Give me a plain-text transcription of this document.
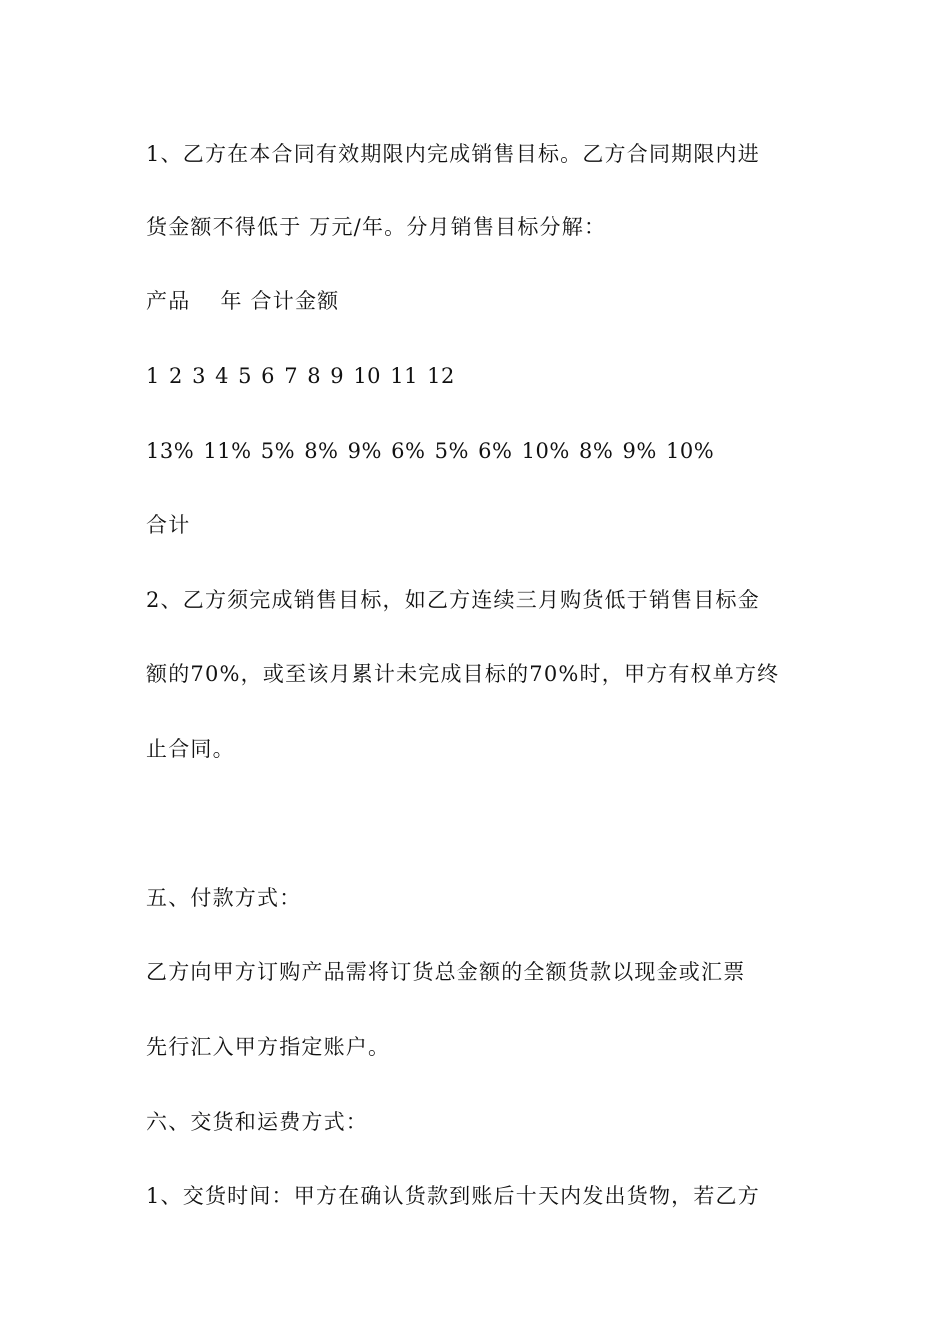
1、乙方在本合同有效期限内完成销售目标。乙方合同期限内进
货金额不得低于 万元/年。分月销售目标分解：
产品　 年 合计金额
1 2 3 4 5 6 7 8 9 10 11 12
13% 11% 5% 8% 9% 6% 5% 6% 10% 8% 9% 10%
合计
2、乙方须完成销售目标，如乙方连续三月购货低于销售目标金
额的70%，或至该月累计未完成目标的70%时，甲方有权单方终
止合同。
五、付款方式：
乙方向甲方订购产品需将订货总金额的全额货款以现金或汇票
先行汇入甲方指定账户。
六、交货和运费方式：
1、交货时间：甲方在确认货款到账后十天内发出货物，若乙方
